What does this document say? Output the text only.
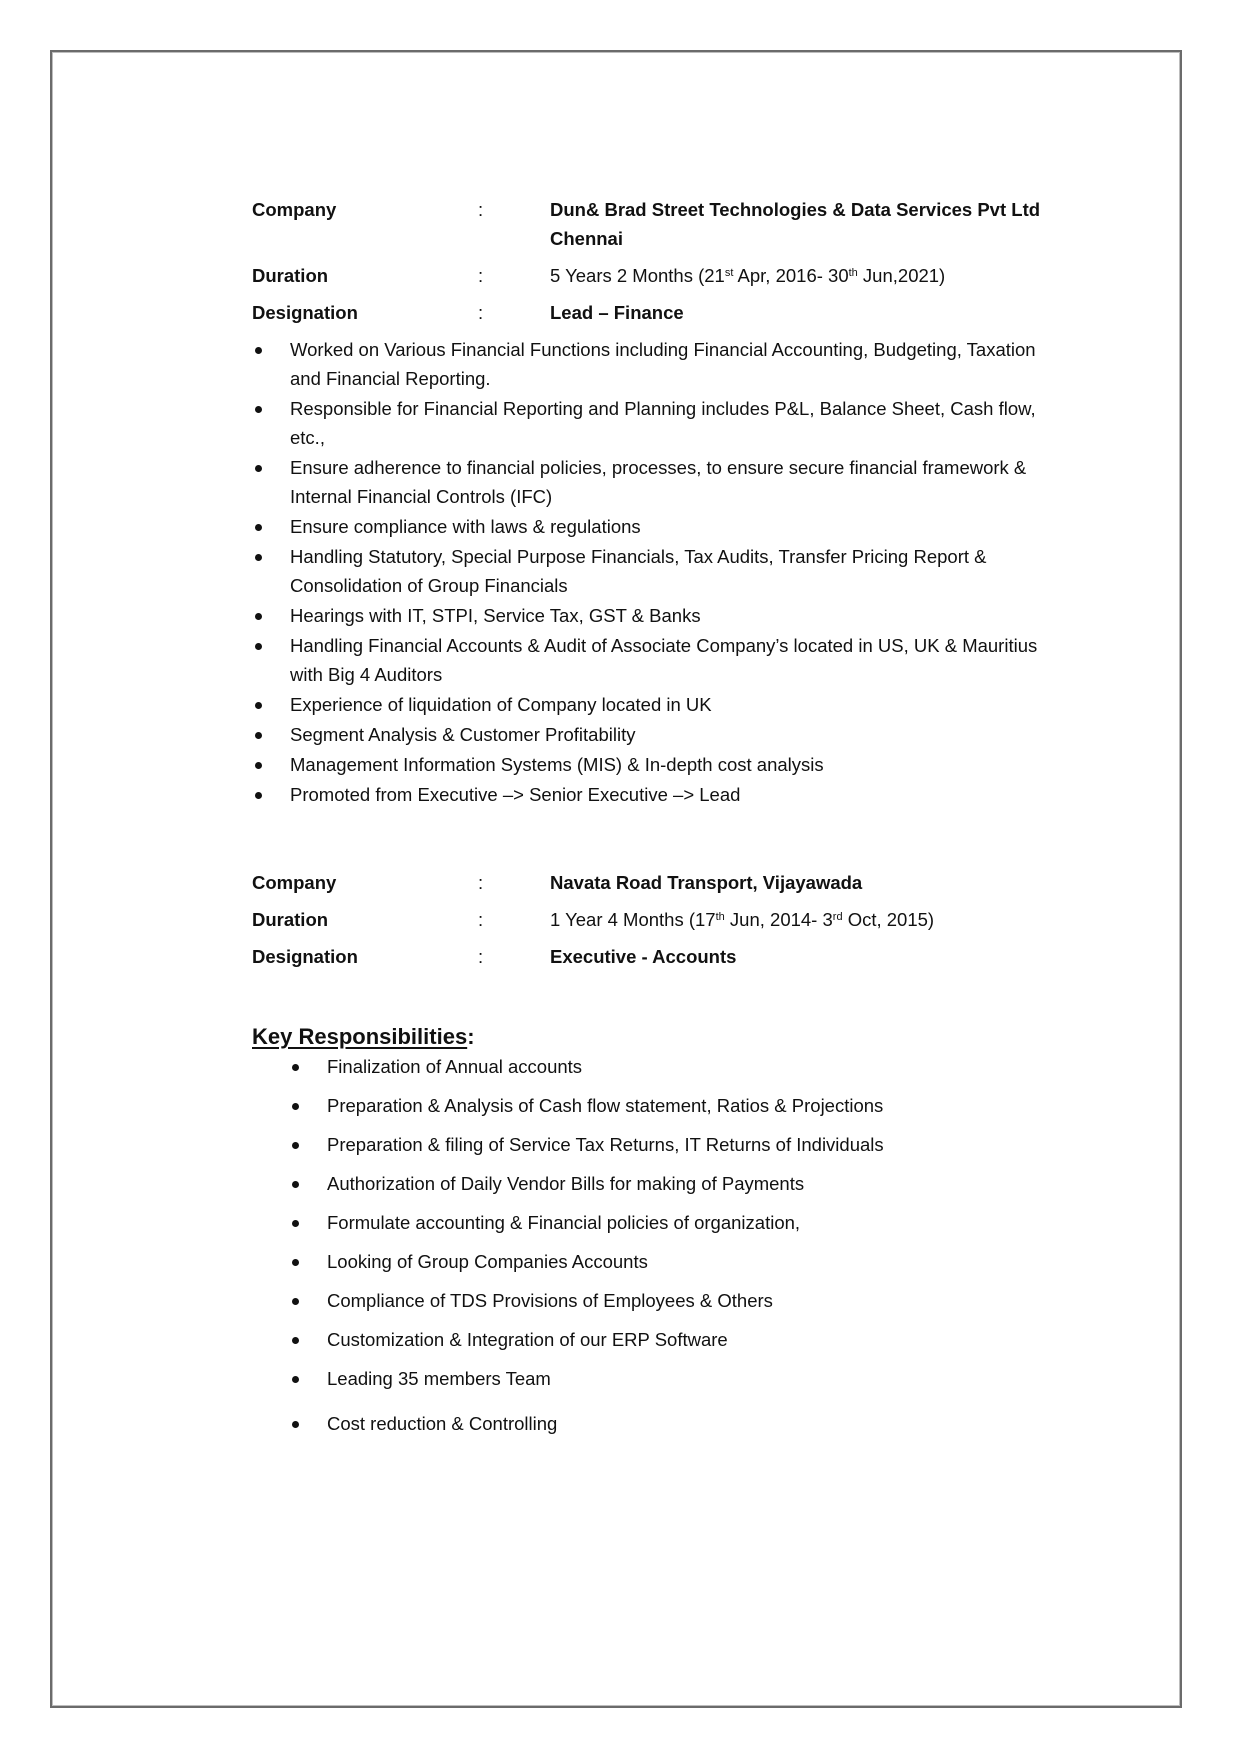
Company	:	Dun& Brad Street Technologies & Data Services Pvt Ltd
Chennai
Duration	:	5 Years 2 Months (21st Apr, 2016- 30th Jun,2021)
Designation	:	Lead – Finance
Worked on Various Financial Functions including Financial Accounting, Budgeting, Taxation and Financial Reporting.
Responsible for Financial Reporting and Planning includes P&L, Balance Sheet, Cash flow, etc.,
Ensure adherence to financial policies, processes, to ensure secure financial framework & Internal Financial Controls (IFC)
Ensure compliance with laws & regulations
Handling Statutory, Special Purpose Financials, Tax Audits, Transfer Pricing Report & Consolidation of Group Financials
Hearings with IT, STPI, Service Tax, GST & Banks
Handling Financial Accounts & Audit of Associate Company’s located in US, UK & Mauritius with Big 4 Auditors
Experience of liquidation of Company located in UK
Segment Analysis & Customer Profitability
Management Information Systems (MIS) & In-depth cost analysis
Promoted from Executive –> Senior Executive –> Lead
Company	:	Navata Road Transport, Vijayawada
Duration	:	1 Year 4 Months (17th Jun, 2014- 3rd Oct, 2015)
Designation	:	Executive - Accounts
Key Responsibilities:
Finalization of Annual accounts
Preparation & Analysis of Cash flow statement, Ratios & Projections
Preparation & filing of Service Tax Returns, IT Returns of Individuals
Authorization of Daily Vendor Bills for making of Payments
Formulate accounting & Financial policies of organization,
Looking of Group Companies Accounts
Compliance of TDS Provisions of Employees & Others
Customization & Integration of our ERP Software
Leading 35 members Team
Cost reduction & Controlling
